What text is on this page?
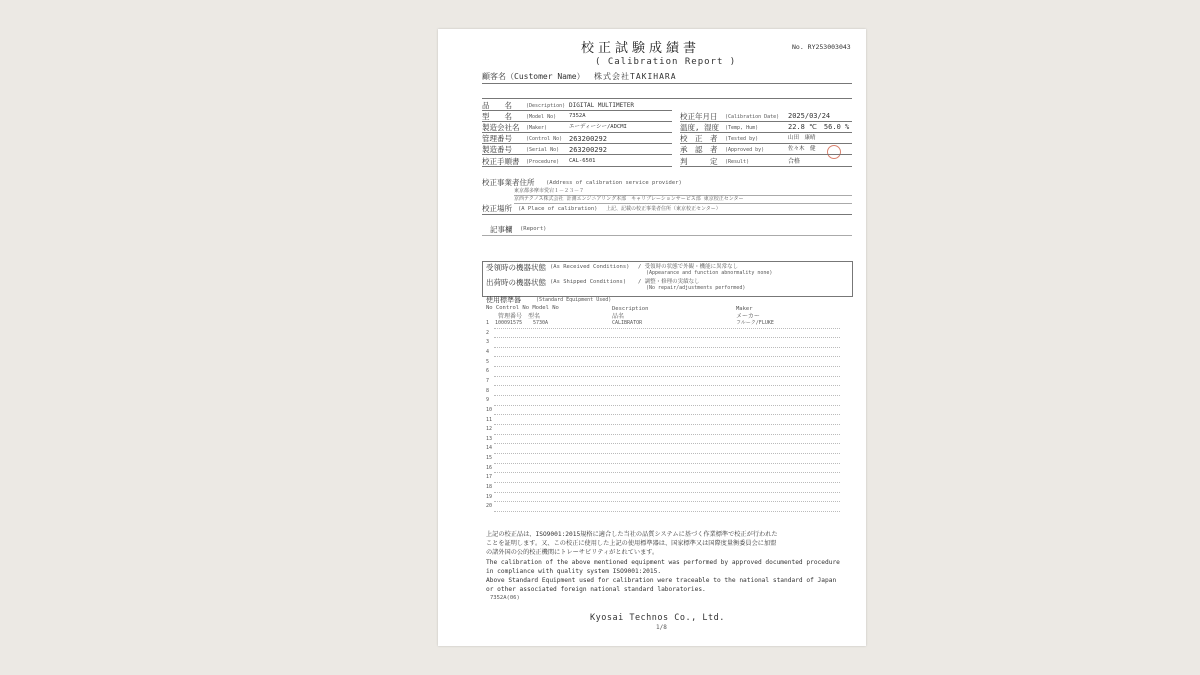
校正試験成績書
( Calibration Report )
No. RY253003043
顧客名（Customer Name） 株式会社TAKIHARA
品　　名	(Description) DIGITAL MULTIMETER
型　　名	(Model No) 7352A
製造会社名 (Maker)	エーディーシー/ADCMI
管理番号	(Control No) 263200292
製造番号	(Serial No) 263200292
校正手順書 (Procedure) CAL-6501
校正年月日 (Calibration Date) 2025/03/24
温度, 湿度 (Temp, Hum)	22.8 ℃　56.0 %
校　正　者 (Tested by)	山田　康晴
承　認　者 (Approved by)	佐々木　健
判　　　定 (Result)	合格
校正事業者住所 (Address of calibration service provider)
東京都多摩市愛宕１－２３－７
京西テクノス株式会社 計測エンジニアリング本部　キャリブレーションサービス部 東京校正センター
校正場所 (A Place of calibration) 上記、記載の校正事業者住所（東京校正センター）
記事欄 (Report)
受領時の機器状態 (As Received Conditions) / 受領時の状態で外観・機能に異常なし
(Appearance and function abnormality none)
出荷時の機器状態 (As Shipped Conditions) / 調整・修理の実績なし
(No repair/adjustments performed)
使用標準器	(Standard Equipment Used)
No Control No Model No
管理番号　型名
Description
品名
Maker
メーカー
1 100091575 5730A	CALIBRATOR	フルーク/FLUKE
2
3
4
5
6
7
8
9
10
11
12
13
14
15
16
17
18
19
20
上記の校正品は、ISO9001:2015規格に適合した当社の品質システムに基づく作業標準で校正が行われた
ことを証明します。又、この校正に使用した上記の使用標準器は、国家標準又は国際度量衡委員会に加盟
の諸外国の公的校正機関にトレーサビリティがとれています。
The calibration of the above mentioned equipment was performed by approved documented procedure
in compliance with quality system ISO9001:2015.
Above Standard Equipment used for calibration were traceable to the national standard of Japan
or other associated foreign national standard laboratories.
7352A(06)
Kyosai Technos Co., Ltd.
1/8
